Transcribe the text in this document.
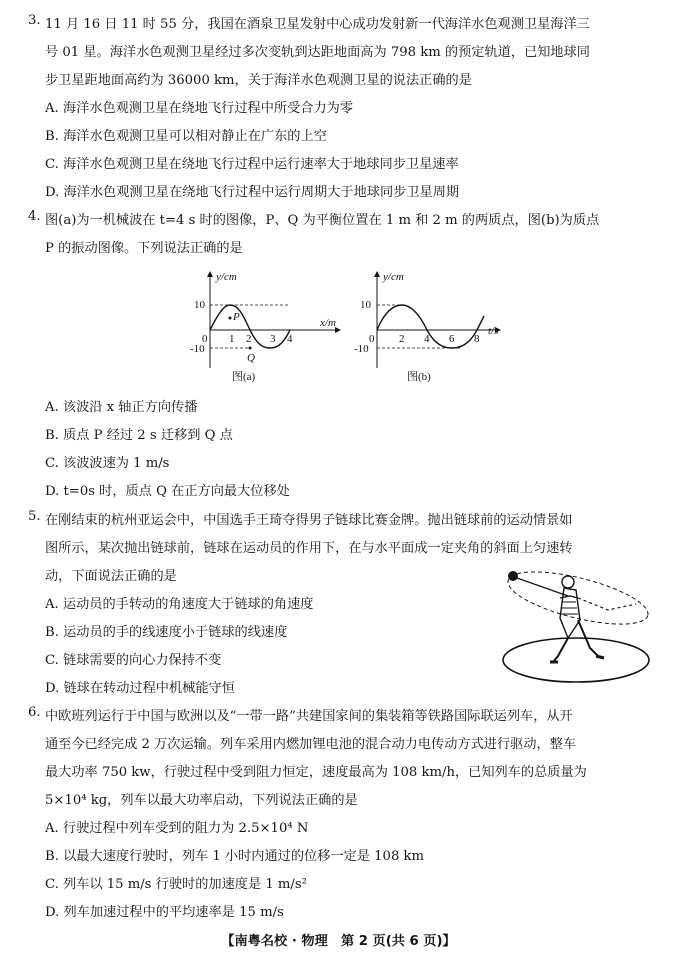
3. 11 月 16 日 11 时 55 分，我国在酒泉卫星发射中心成功发射新一代海洋水色观测卫星海洋三
号 01 星。海洋水色观测卫星经过多次变轨到达距地面高为 798 km 的预定轨道，已知地球同
步卫星距地面高约为 36000 km，关于海洋水色观测卫星的说法正确的是
A. 海洋水色观测卫星在绕地飞行过程中所受合力为零
B. 海洋水色观测卫星可以相对静止在广东的上空
C. 海洋水色观测卫星在绕地飞行过程中运行速率大于地球同步卫星速率
D. 海洋水色观测卫星在绕地飞行过程中运行周期大于地球同步卫星周期
4. 图(a)为一机械波在 t=4 s 时的图像，P、Q 为平衡位置在 1 m 和 2 m 的两质点，图(b)为质点
P 的振动图像。下列说法正确的是
0 1 2 3 4
10
-10
y/cm
x/m
P
Q
图(a)
0 2 4 6 8
10
-10
y/cm
t/s
图(b)
A. 该波沿 x 轴正方向传播
B. 质点 P 经过 2 s 迁移到 Q 点
C. 该波波速为 1 m/s
D. t=0s 时，质点 Q 在正方向最大位移处
5. 在刚结束的杭州亚运会中，中国选手王琦夺得男子链球比赛金牌。抛出链球前的运动情景如
图所示，某次抛出链球前，链球在运动员的作用下，在与水平面成一定夹角的斜面上匀速转
动，下面说法正确的是
A. 运动员的手转动的角速度大于链球的角速度
B. 运动员的手的线速度小于链球的线速度
C. 链球需要的向心力保持不变
D. 链球在转动过程中机械能守恒
6. 中欧班列运行于中国与欧洲以及“一带一路”共建国家间的集装箱等铁路国际联运列车，从开
通至今已经完成 2 万次运输。列车采用内燃加锂电池的混合动力电传动方式进行驱动，整车
最大功率 750 kw，行驶过程中受到阻力恒定，速度最高为 108 km/h，已知列车的总质量为
5×10⁴ kg，列车以最大功率启动，下列说法正确的是
A. 行驶过程中列车受到的阻力为 2.5×10⁴ N
B. 以最大速度行驶时，列车 1 小时内通过的位移一定是 108 km
C. 列车以 15 m/s 行驶时的加速度是 1 m/s²
D. 列车加速过程中的平均速率是 15 m/s
【南粤名校 · 物理　第 2 页(共 6 页)】
